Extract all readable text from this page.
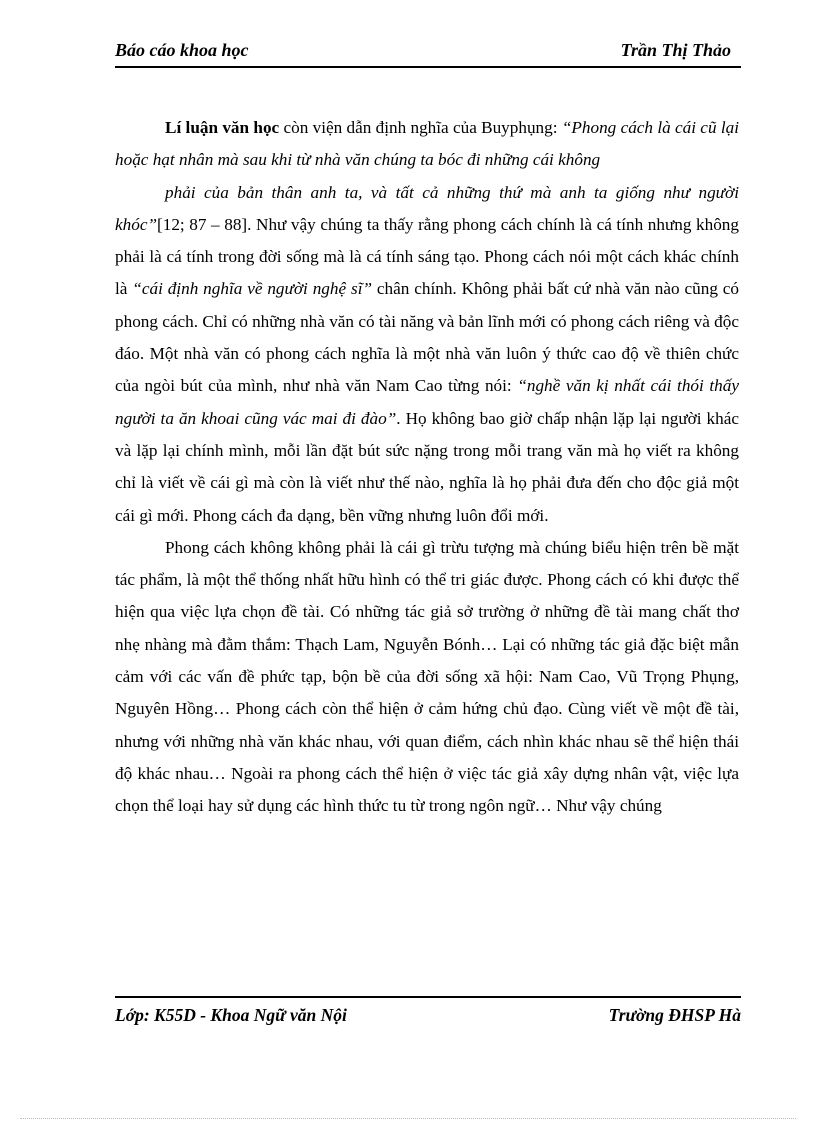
Báo cáo khoa học	Trần Thị Thảo

Lí luận văn học còn viện dẫn định nghĩa của Buyphụng: “Phong cách là cái cũ lại hoặc hạt nhân mà sau khi từ nhà văn chúng ta bóc đi những cái không

phải của bản thân anh ta, và tất cả những thứ mà anh ta giống như người khóc”[12; 87 – 88]. Như vậy chúng ta thấy rằng phong cách chính là cá tính nhưng không phải là cá tính trong đời sống mà là cá tính sáng tạo. Phong cách nói một cách khác chính là “cái định nghĩa về người nghệ sĩ” chân chính. Không phải bất cứ nhà văn nào cũng có phong cách. Chỉ có những nhà văn có tài năng và bản lĩnh mới có phong cách riêng và độc đáo. Một nhà văn có phong cách nghĩa là một nhà văn luôn ý thức cao độ về thiên chức của ngòi bút của mình, như nhà văn Nam Cao từng nói: “nghề văn kị nhất cái thói thấy người ta ăn khoai cũng vác mai đi đào”. Họ không bao giờ chấp nhận lặp lại người khác và lặp lại chính mình, mỗi lần đặt bút sức nặng trong mỗi trang văn mà họ viết ra không chỉ là viết về cái gì mà còn là viết như thế nào, nghĩa là họ phải đưa đến cho độc giả một cái gì mới. Phong cách đa dạng, bền vững nhưng luôn đổi mới.

Phong cách không không phải là cái gì trừu tượng mà chúng biểu hiện trên bề mặt tác phẩm, là một thể thống nhất hữu hình có thể tri giác được. Phong cách có khi được thể hiện qua việc lựa chọn đề tài. Có những tác giả sở trường ở những đề tài mang chất thơ nhẹ nhàng mà đằm thắm: Thạch Lam, Nguyễn Bónh… Lại có những tác giả đặc biệt mẫn cảm với các vấn đề phức tạp, bộn bề của đời sống xã hội: Nam Cao, Vũ Trọng Phụng, Nguyên Hồng… Phong cách còn thể hiện ở cảm hứng chủ đạo. Cùng viết về một đề tài, nhưng với những nhà văn khác nhau, với quan điểm, cách nhìn khác nhau sẽ thể hiện thái độ khác nhau… Ngoài ra phong cách thể hiện ở việc tác giả xây dựng nhân vật, việc lựa chọn thể loại hay sử dụng các hình thức tu từ trong ngôn ngữ… Như vậy chúng

Lớp: K55D - Khoa Ngữ văn Nội	Trường ĐHSP Hà
